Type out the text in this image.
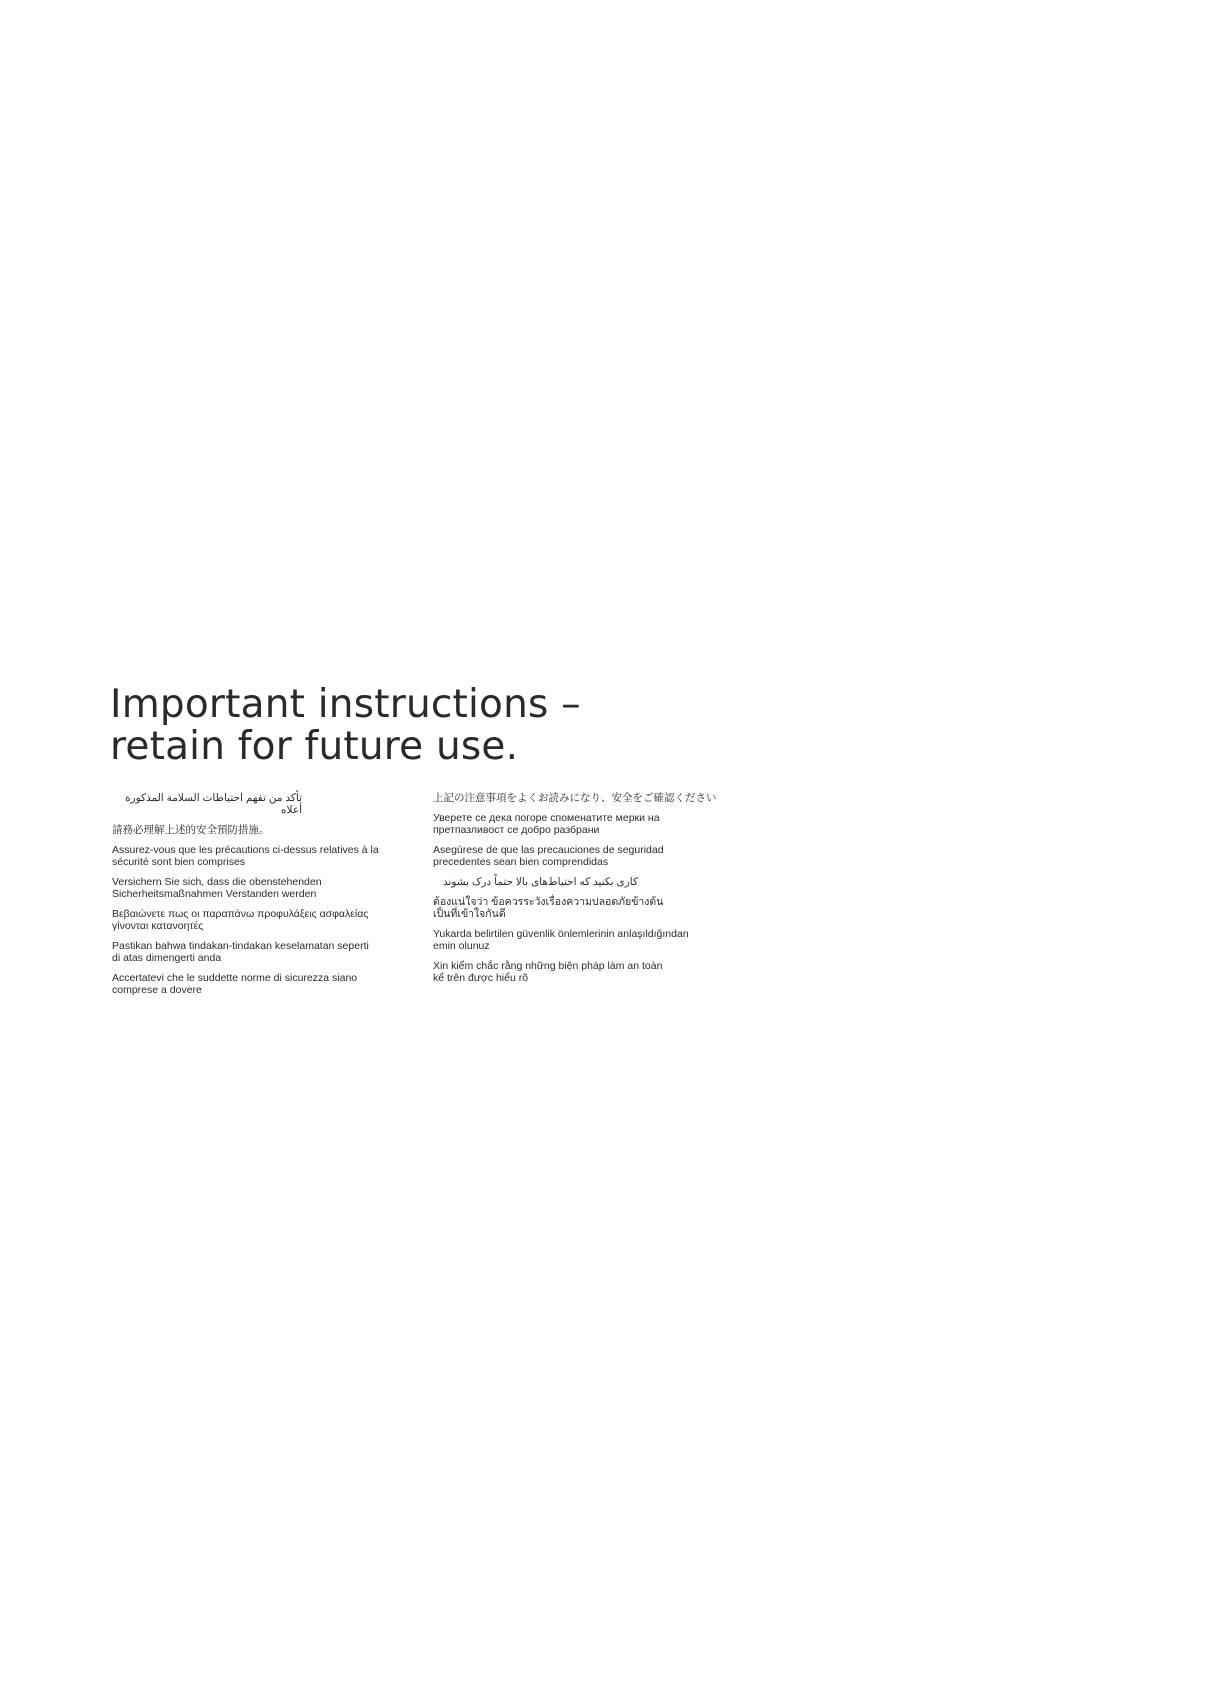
Important instructions –
retain for future use.

تأكد من تفهم احتياطات السلامة المذكورة أعلاه

請務必理解上述的安全預防措施。

Assurez-vous que les précautions ci-dessus relatives à la
sécurité sont bien comprises

Versichern Sie sich, dass die obenstehenden
Sicherheitsmaßnahmen Verstanden werden

Βεβαιώνετε πως οι παραπάνω προφυλάξεις ασφαλείας
γίνονται κατανοητές

Pastikan bahwa tindakan-tindakan keselamatan seperti
di atas dimengerti anda

Accertatevi che le suddette norme di sicurezza siano
comprese a dovere

上記の注意事項をよくお読みになり、安全をご確認ください

Уверете се дека погоре споменатите мерки на
претпазливост се добро разбрани

Asegúrese de que las precauciones de seguridad
precedentes sean bien comprendidas

کاری بکنید که احتیاط‌های بالا حتماً درک بشوند

ต้องแน่ใจว่า ข้อควรระวังเรื่องความปลอดภัยข้างต้น
เป็นที่เข้าใจกันดี

Yukarda belirtilen güvenlik önlemlerinin anlaşıldığından
emin olunuz

Xin kiểm chắc rằng những biện pháp làm an toàn
kể trên được hiểu rõ
